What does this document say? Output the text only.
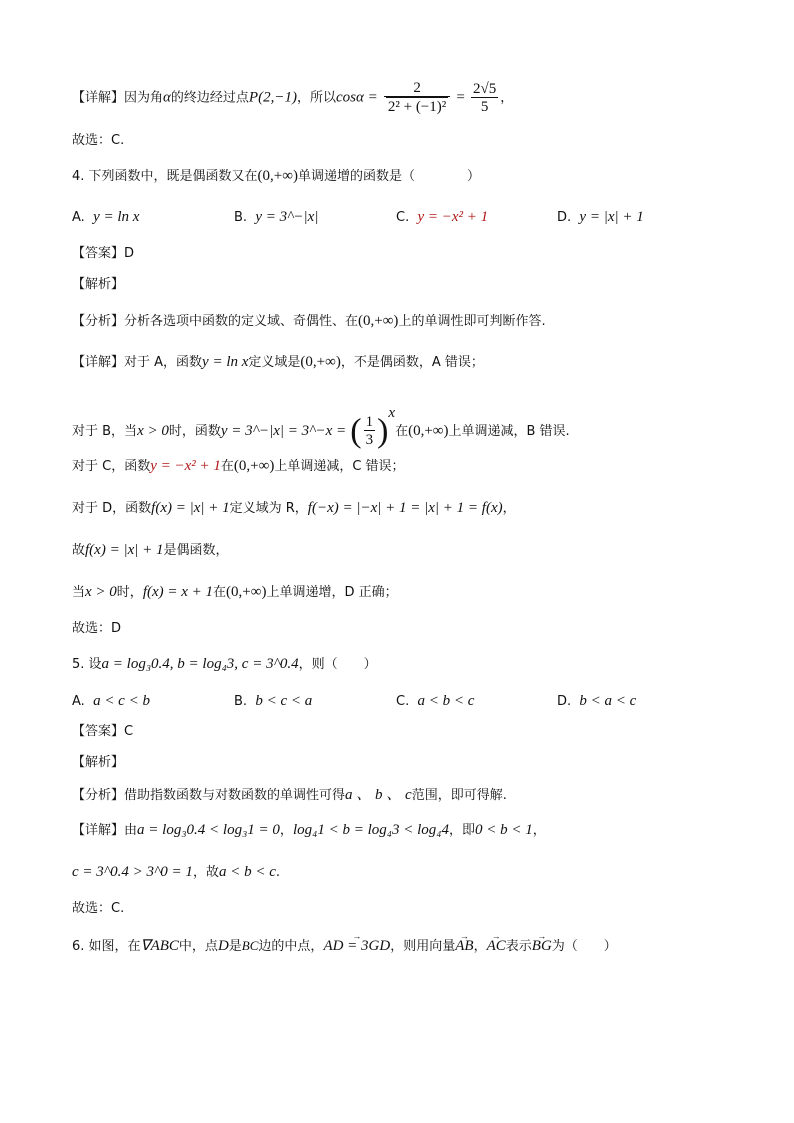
【详解】因为角α的终边经过点P(2,−1)，所以$\cos\alpha = \frac{2}{\text{2² + (−1)²}} = \frac{2√5}{5}$ ，
故选：C.
4. 下列函数中，既是偶函数又在(0,+∞)单调递增的函数是（　　　　）
A. y = ln x	B. y = 3^−|x|	C. y = −x² + 1	D. y = |x| + 1
【答案】D
【解析】
【分析】分析各选项中函数的定义域、奇偶性、在(0,+∞)上的单调性即可判断作答.
【详解】对于 A，函数y = ln x定义域是(0,+∞)，不是偶函数，A 错误；
对于 B，当x > 0时，函数y = 3^−|x| = 3^−x = ( $\frac{1}{3} )^x$在(0,+∞)上单调递减，B 错误.
对于 C，函数y = −x² + 1在(0,+∞)上单调递减，C 错误；
对于 D，函数f(x) = |x| + 1定义域为 R，f(−x) = |−x| + 1 = |x| + 1 = f(x)，
故f(x) = |x| + 1是偶函数，
当x > 0时，f(x) = x + 1在(0,+∞)上单调递增，D 正确；
故选：D
5. 设a = log₃0.4, b = log₄3, c = 3^0.4，则（　　）
A. a < c < b	B. b < c < a	C. a < b < c	D. b < a < c
【答案】C
【解析】
【分析】借助指数函数与对数函数的单调性可得a 、 b 、 c范围，即可得解.
【详解】由a = log₃0.4 < log₃1 = 0，log₄1 < b = log₄3 < log₄4，即0 < b < 1，
c = 3^0.4 > 3^0 = 1，故a < b < c.
故选：C.
6. 如图，在∇ABC中，点D是BC边的中点，→ AD = 3GD，则用向量→ AB，→ AC表示→ BG为（　　）
